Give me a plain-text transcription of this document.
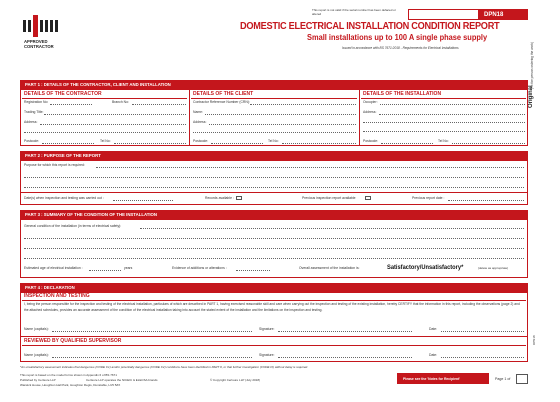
APPROVED
CONTRACTOR
This report is not valid if the serial number has been defaced or altered	DPN18
DOMESTIC ELECTRICAL INSTALLATION CONDITION REPORT
Small installations up to 100 A single phase supply
Issued in accordance with BS 7671:2018 - Requirements for Electrical Installations
Original
(To the person ordering the work)
PART 1 : DETAILS OF THE CONTRACTOR, CLIENT AND INSTALLATION
DETAILS OF THE CONTRACTOR
Registration No:	Branch No:
Trading Title:
Address:
Postcode:	Tel No:
DETAILS OF THE CLIENT
Contractor Reference Number (CRN):
Name:
Address:
Postcode:	Tel No:
DETAILS OF THE INSTALLATION
Occupier:
Address:
Postcode:	Tel No:
PART 2 : PURPOSE OF THE REPORT
Purpose for which this report is required:
Date(s) when inspection and testing was carried out :	Records available :	Previous inspection report available	Previous report date :
PART 3 : SUMMARY OF THE CONDITION OF THE INSTALLATION
General condition of the installation (in terms of electrical safety):
Estimated age of electrical installation :	years	Evidence of additions or alterations :	Overall assessment of the installation is:	Satisfactory/Unsatisfactory*	(delete as appropriate)
PART 4 : DECLARATION
INSPECTION AND TESTING
I, being the person responsible for the inspection and testing of the electrical installation, particulars of which are described in PART 1, having exercised reasonable skill and care when carrying out the inspection and testing of the existing installation, hereby CERTIFY that the information in this report, including the observations (page 2) and the attached schedules, provides an accurate assessment of the condition of the electrical installation taking into account the stated extent of the installation and the limitations on the inspection and testing.
Name (capitals):	Signature:	Date:
REVIEWED BY QUALIFIED SUPERVISOR
Name (capitals):	Signature:	Date:
*An unsatisfactory assessment indicates that dangerous (CODE C1) and/or potentially dangerous (CODE C2) conditions have been identified in PART 6, or that further investigation (CODE FI) without delay is required.
This report is based on the model forms shown in Appendix 6 of BS 7671
Published by Certsure LLP	Certsure LLP operates the NICEIC & ELECSA brands
Warwick House, Houghton Hall Park, Houghton Regis, Dunstable, LU5 5ZX
© Copyright Certsure LLP (July 2018)	Please see the 'Notes for Recipient'	Page 1 of
DPN18
